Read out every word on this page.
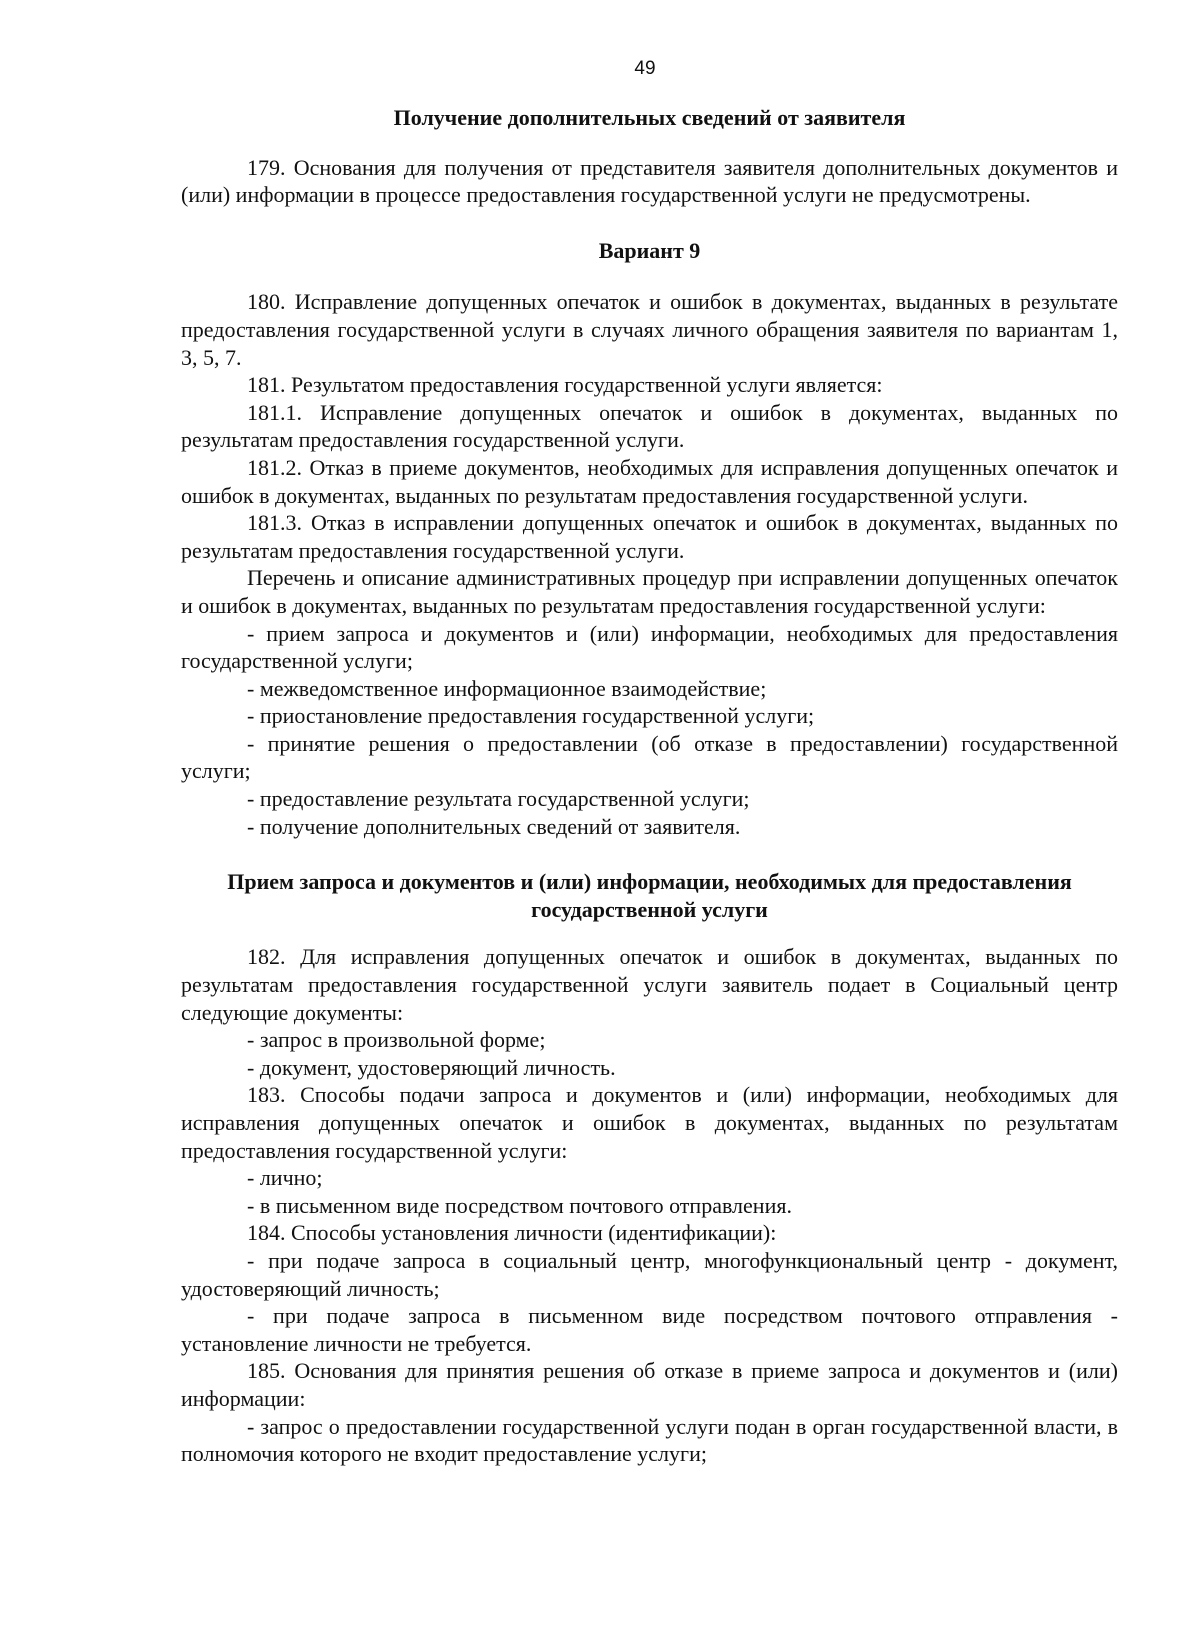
49
Получение дополнительных сведений от заявителя
179. Основания для получения от представителя заявителя дополнительных документов и (или) информации в процессе предоставления государственной услуги не предусмотрены.
Вариант 9
180. Исправление допущенных опечаток и ошибок в документах, выданных в результате предоставления государственной услуги в случаях личного обращения заявителя по вариантам 1, 3, 5, 7.
181. Результатом предоставления государственной услуги является:
181.1. Исправление допущенных опечаток и ошибок в документах, выданных по результатам предоставления государственной услуги.
181.2. Отказ в приеме документов, необходимых для исправления допущенных опечаток и ошибок в документах, выданных по результатам предоставления государственной услуги.
181.3. Отказ в исправлении допущенных опечаток и ошибок в документах, выданных по результатам предоставления государственной услуги.
Перечень и описание административных процедур при исправлении допущенных опечаток и ошибок в документах, выданных по результатам предоставления государственной услуги:
- прием запроса и документов и (или) информации, необходимых для предоставления государственной услуги;
- межведомственное информационное взаимодействие;
- приостановление предоставления государственной услуги;
- принятие решения о предоставлении (об отказе в предоставлении) государственной услуги;
- предоставление результата государственной услуги;
- получение дополнительных сведений от заявителя.
Прием запроса и документов и (или) информации, необходимых для предоставления
государственной услуги
182. Для исправления допущенных опечаток и ошибок в документах, выданных по результатам предоставления государственной услуги заявитель подает в Социальный центр следующие документы:
- запрос в произвольной форме;
- документ, удостоверяющий личность.
183. Способы подачи запроса и документов и (или) информации, необходимых для исправления допущенных опечаток и ошибок в документах, выданных по результатам предоставления государственной услуги:
- лично;
- в письменном виде посредством почтового отправления.
184. Способы установления личности (идентификации):
- при подаче запроса в социальный центр, многофункциональный центр - документ, удостоверяющий личность;
- при подаче запроса в письменном виде посредством почтового отправления - установление личности не требуется.
185. Основания для принятия решения об отказе в приеме запроса и документов и (или) информации:
- запрос о предоставлении государственной услуги подан в орган государственной власти, в полномочия которого не входит предоставление услуги;
